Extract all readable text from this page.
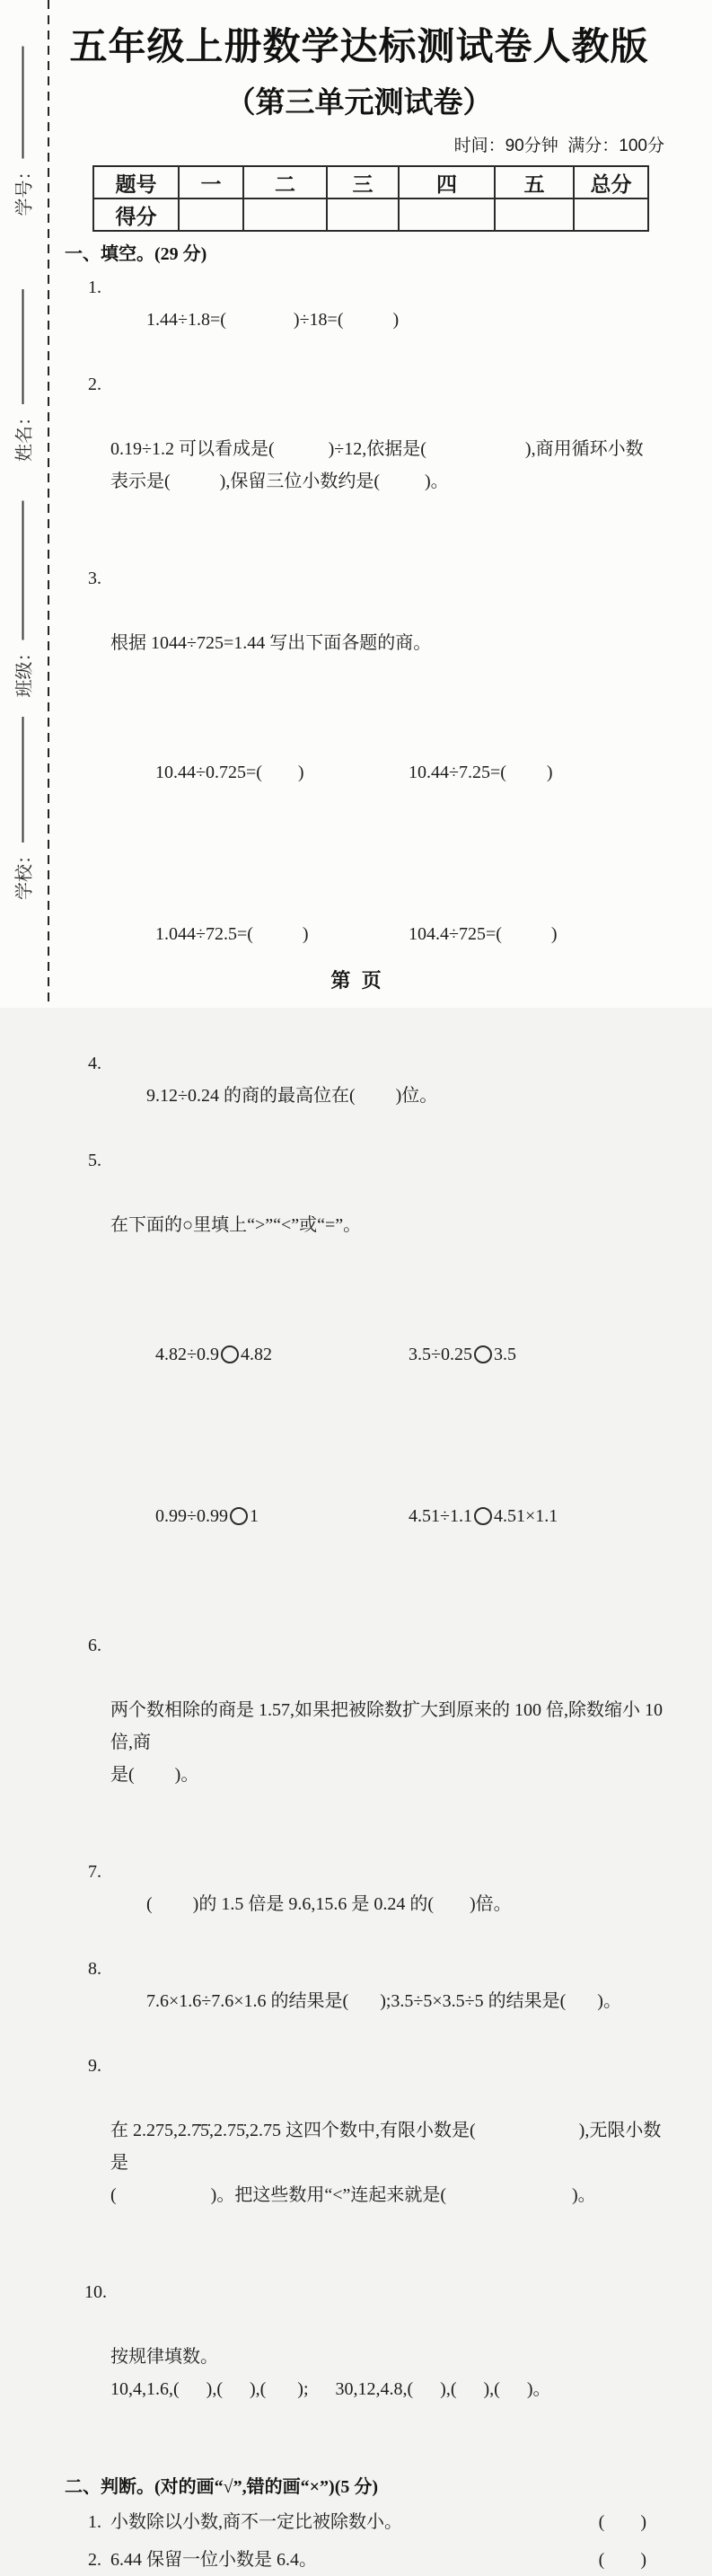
学号：
姓名：
班级：
学校：
五年级上册数学达标测试卷人教版
（第三单元测试卷）
时间：90分钟  满分：100分
题号	一	二	三	四	五	总分
得分						
一、填空。(29 分)

1.
1.44÷1.8=(               )÷18=(           )

2.
0.19÷1.2 可以看成是(            )÷12,依据是(                      ),商用循环小数
表示是(           ),保留三位小数约是(          )。

3.
根据 1044÷725=1.44 写出下面各题的商。

10.44÷0.725=(        )	10.44÷7.25=(         )

1.044÷72.5=(           )	104.4÷725=(           )

4.
9.12÷0.24 的商的最高位在(         )位。

5.
在下面的○里填上“>”“<”或“=”。

4.82÷0.9 4.82	3.5÷0.25 3.5

0.99÷0.99 1	4.51÷1.1 4.51×1.1

6.
两个数相除的商是 1.57,如果把被除数扩大到原来的 100 倍,除数缩小 10 倍,商
是(         )。

7.
(         )的 1.5 倍是 9.6,15.6 是 0.24 的(        )倍。

8.
7.6×1.6÷7.6×1.6 的结果是(       );3.5÷5×3.5÷5 的结果是(       )。

9.
在 2.275,2.7̇5̇,2.75̇,2.75 这四个数中,有限小数是(                       ),无限小数是
(                     )。把这些数用“<”连起来就是(                            )。

10.
按规律填数。
10,4,1.6,(      ),(      ),(       );      30,12,4.8,(      ),(      ),(      )。

二、判断。(对的画“√”,错的画“×”)(5 分)
1. 小数除以小数,商不一定比被除数小。	(        )
2. 6.44 保留一位小数是 6.4。	(        )
第  页
